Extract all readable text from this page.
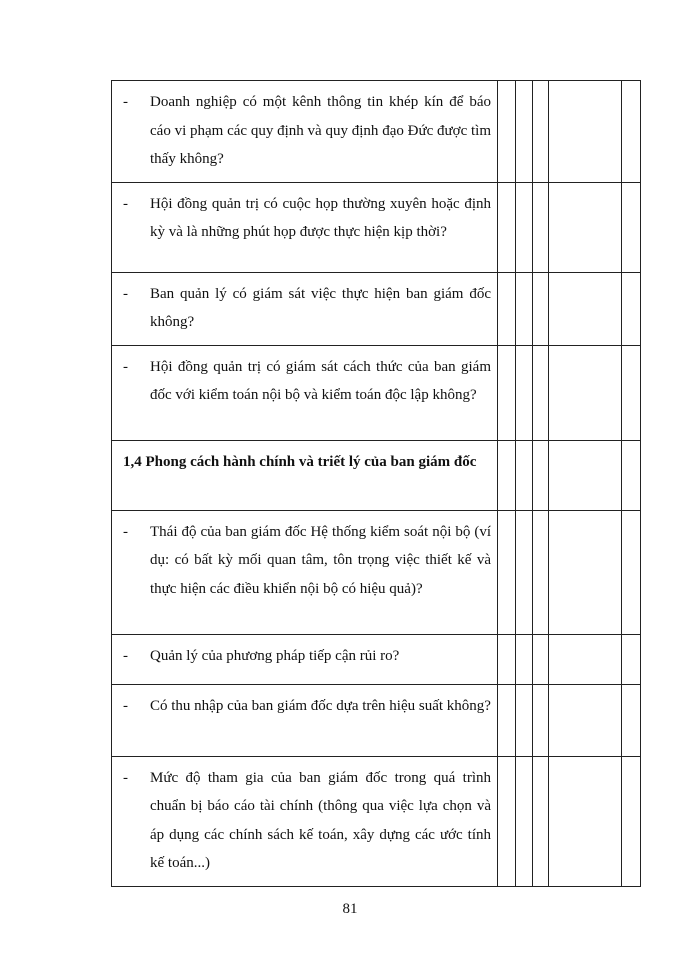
- Doanh nghiệp có một kênh thông tin khép kín để báo cáo vi phạm các quy định và quy định đạo Đức được tìm thấy không?					

- Hội đồng quản trị có cuộc họp thường xuyên hoặc định kỳ và là những phút họp được thực hiện kịp thời?					

- Ban quản lý có giám sát việc thực hiện ban giám đốc không?					

- Hội đồng quản trị có giám sát cách thức của ban giám đốc với kiểm toán nội bộ và kiểm toán độc lập không?					

1,4 Phong cách hành chính và triết lý của ban giám đốc					

- Thái độ của ban giám đốc Hệ thống kiểm soát nội bộ (ví dụ: có bất kỳ mối quan tâm, tôn trọng việc thiết kế và thực hiện các điều khiển nội bộ có hiệu quả)?					

- Quản lý của phương pháp tiếp cận rủi ro?					

- Có thu nhập của ban giám đốc dựa trên hiệu suất không?					

- Mức độ tham gia của ban giám đốc trong quá trình chuẩn bị báo cáo tài chính (thông qua việc lựa chọn và áp dụng các chính sách kế toán, xây dựng các ước tính kế toán...)					

81
